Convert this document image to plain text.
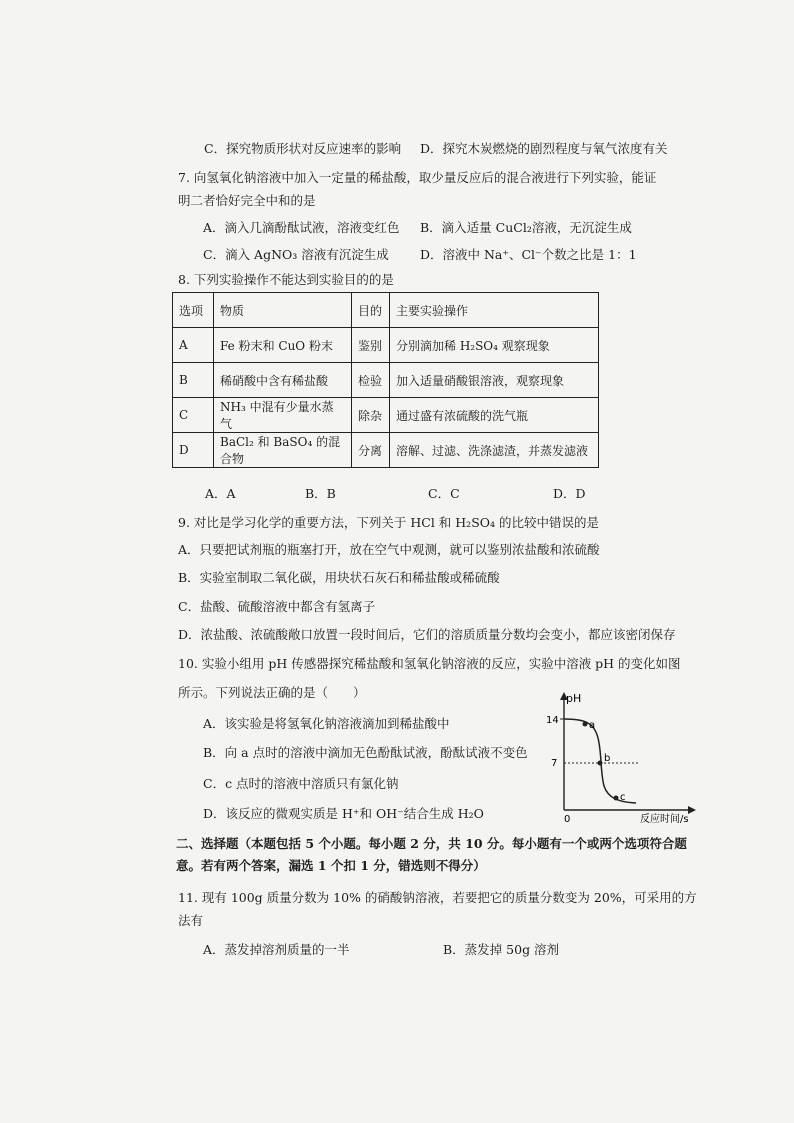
C．探究物质形状对反应速率的影响 D．探究木炭燃烧的剧烈程度与氧气浓度有关
7. 向氢氧化钠溶液中加入一定量的稀盐酸，取少量反应后的混合液进行下列实验，能证
明二者恰好完全中和的是
A．滴入几滴酚酞试液，溶液变红色 B．滴入适量 CuCl₂溶液，无沉淀生成
C．滴入 AgNO₃ 溶液有沉淀生成	D．溶液中 Na⁺、Cl⁻个数之比是 1：1
8. 下列实验操作不能达到实验目的的是
选项	物质	目的	主要实验操作
A	Fe 粉末和 CuO 粉末	鉴别	分别滴加稀 H₂SO₄ 观察现象
B	稀硝酸中含有稀盐酸	检验	加入适量硝酸银溶液，观察现象
C	NH₃ 中混有少量水蒸气	除杂	通过盛有浓硫酸的洗气瓶
D	BaCl₂ 和 BaSO₄ 的混合物	分离	溶解、过滤、洗涤滤渣，并蒸发滤液
A．A	B．B	C．C	D．D
9. 对比是学习化学的重要方法，下列关于 HCl 和 H₂SO₄ 的比较中错误的是
A．只要把试剂瓶的瓶塞打开，放在空气中观测，就可以鉴别浓盐酸和浓硫酸
B．实验室制取二氧化碳，用块状石灰石和稀盐酸或稀硫酸
C．盐酸、硫酸溶液中都含有氢离子
D．浓盐酸、浓硫酸敞口放置一段时间后，它们的溶质质量分数均会变小，都应该密闭保存
10. 实验小组用 pH 传感器探究稀盐酸和氢氧化钠溶液的反应，实验中溶液 pH 的变化如图
所示。下列说法正确的是（　　）
A．该实验是将氢氧化钠溶液滴加到稀盐酸中
B．向 a 点时的溶液中滴加无色酚酞试液，酚酞试液不变色
C．c 点时的溶液中溶质只有氯化钠
D．该反应的微观实质是 H⁺和 OH⁻结合生成 H₂O
pH
14
7
0	反应时间/s
a
b
c
二、选择题（本题包括 5 个小题。每小题 2 分，共 10 分。每小题有一个或两个选项符合题
意。若有两个答案，漏选 1 个扣 1 分，错选则不得分）
11. 现有 100g 质量分数为 10% 的硝酸钠溶液，若要把它的质量分数变为 20%，可采用的方
法有
A．蒸发掉溶剂质量的一半	B．蒸发掉 50g 溶剂
